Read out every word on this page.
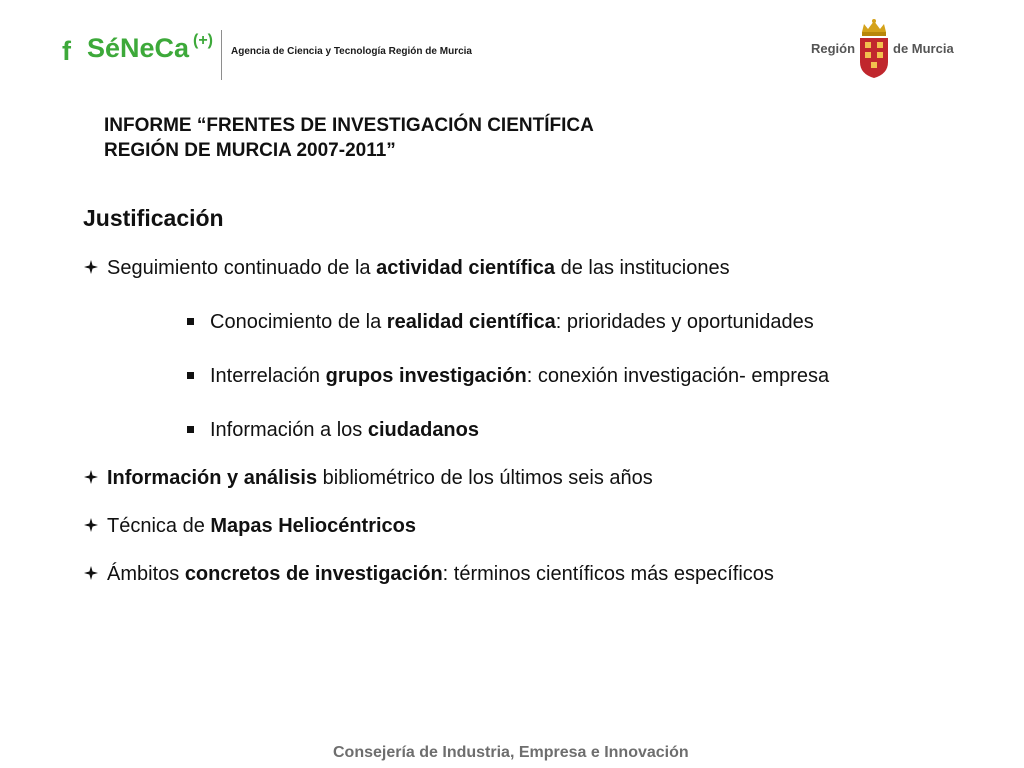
f SéNeCa (+)
Agencia de Ciencia y Tecnología Región de Murcia	Región	de Murcia
INFORME “FRENTES DE INVESTIGACIÓN CIENTÍFICA
REGIÓN DE MURCIA 2007-2011”
Justificación
Seguimiento continuado de la actividad científica de las instituciones
Conocimiento de la realidad científica: prioridades y oportunidades
Interrelación grupos investigación: conexión investigación- empresa
Información a los ciudadanos
Información y análisis bibliométrico de los últimos seis años
Técnica de Mapas Heliocéntricos
Ámbitos concretos de investigación: términos científicos más específicos
Consejería de Industria, Empresa e Innovación
